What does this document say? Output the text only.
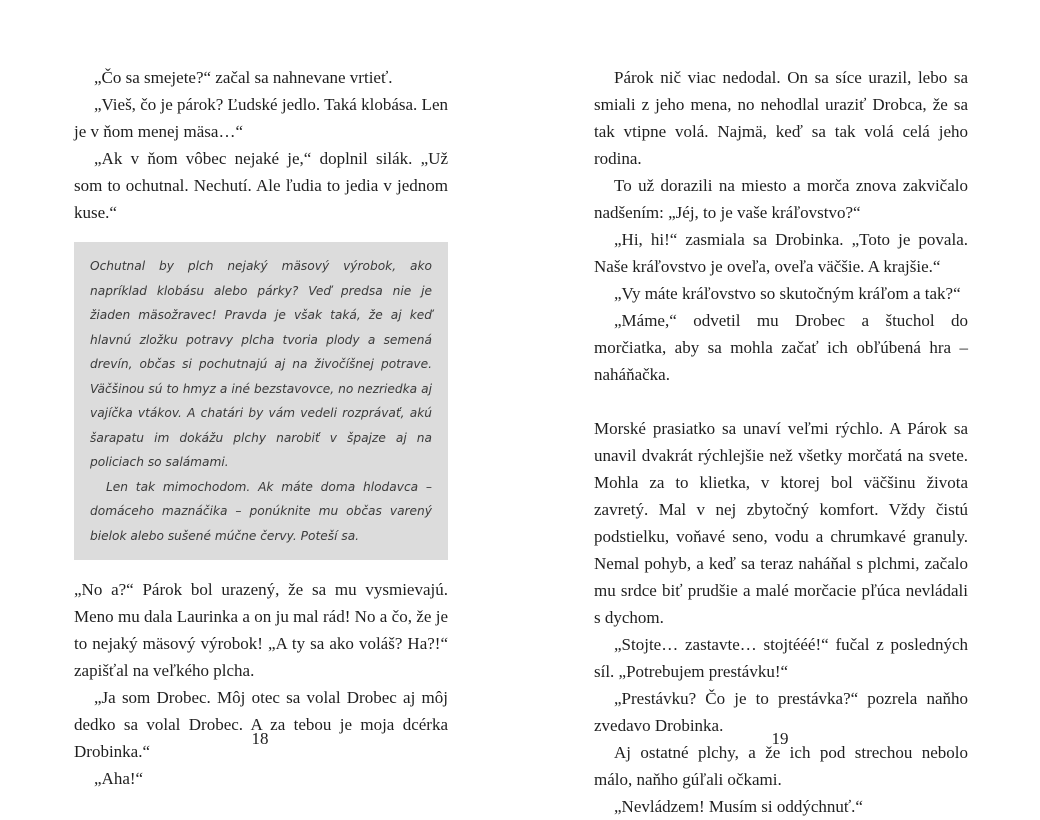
„Čo sa smejete?“ začal sa nahnevane vrtieť.

„Vieš, čo je párok? Ľudské jedlo. Taká klobása. Len je v ňom menej mäsa…“

„Ak v ňom vôbec nejaké je,“ doplnil silák. „Už som to ochutnal. Nechutí. Ale ľudia to jedia v jednom kuse.“

Ochutnal by plch nejaký mäsový výrobok, ako napríklad klobásu alebo párky? Veď predsa nie je žiaden mäsožravec! Pravda je však taká, že aj keď hlavnú zložku potravy plcha tvoria plody a semená drevín, občas si pochutnajú aj na živočíšnej potrave. Väčšinou sú to hmyz a iné bezstavovce, no nezriedka aj vajíčka vtákov. A chatári by vám vedeli rozprávať, akú šarapatu im dokážu plchy narobiť v špajze aj na policiach so salámami.

Len tak mimochodom. Ak máte doma hlodavca – domáceho maznáčika – ponúknite mu občas varený bielok alebo sušené múčne červy. Poteší sa.

„No a?“ Párok bol urazený, že sa mu vysmievajú. Meno mu dala Laurinka a on ju mal rád! No a čo, že je to nejaký mäsový výrobok! „A ty sa ako voláš? Ha?!“ zapišťal na veľkého plcha.

„Ja som Drobec. Môj otec sa volal Drobec aj môj dedko sa volal Drobec. A za tebou je moja dcérka Drobinka.“

„Aha!“

18

Párok nič viac nedodal. On sa síce urazil, lebo sa smiali z jeho mena, no nehodlal uraziť Drobca, že sa tak vtipne volá. Najmä, keď sa tak volá celá jeho rodina.

To už dorazili na miesto a morča znova zakvičalo nadšením: „Jéj, to je vaše kráľovstvo?“

„Hi, hi!“ zasmiala sa Drobinka. „Toto je povala. Naše kráľovstvo je oveľa, oveľa väčšie. A krajšie.“

„Vy máte kráľovstvo so skutočným kráľom a tak?“

„Máme,“ odvetil mu Drobec a štuchol do morčiatka, aby sa mohla začať ich obľúbená hra – naháňačka.

Morské prasiatko sa unaví veľmi rýchlo. A Párok sa unavil dvakrát rýchlejšie než všetky morčatá na svete. Mohla za to klietka, v ktorej bol väčšinu života zavretý. Mal v nej zbytočný komfort. Vždy čistú podstielku, voňavé seno, vodu a chrumkavé granuly. Nemal pohyb, a keď sa teraz naháňal s plchmi, začalo mu srdce biť prudšie a malé morčacie pľúca nevládali s dychom.

„Stojte… zastavte… stojtééé!“ fučal z posledných síl. „Potrebujem prestávku!“

„Prestávku? Čo je to prestávka?“ pozrela naňho zvedavo Drobinka.

Aj ostatné plchy, a že ich pod strechou nebolo málo, naňho gúľali očkami.

„Nevládzem! Musím si oddýchnuť.“

19
